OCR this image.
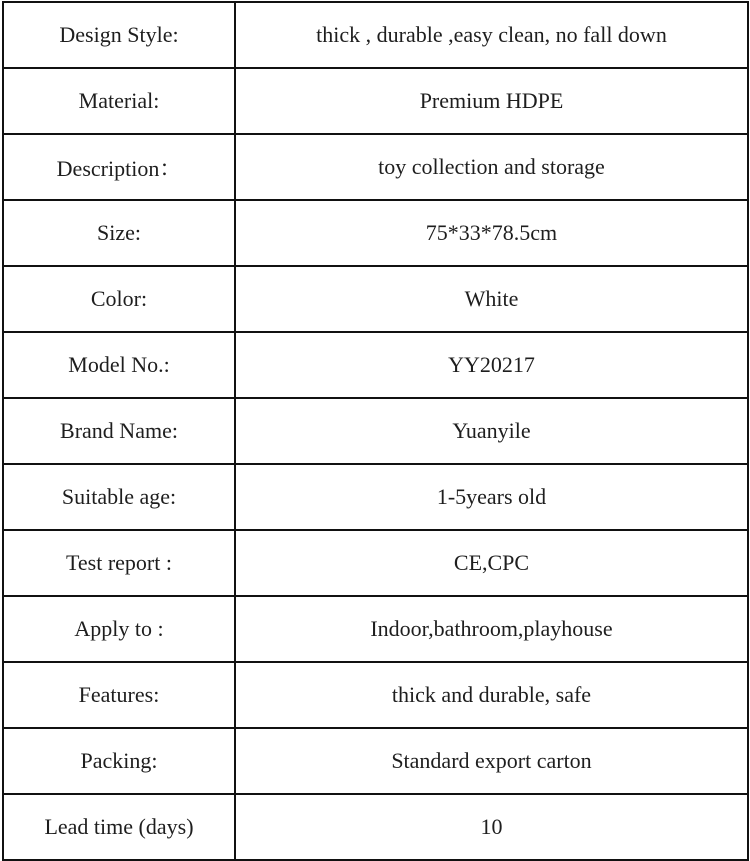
Design Style:	thick , durable ,easy clean, no fall down
Material:	Premium HDPE
Description：	toy collection and storage
Size:	75*33*78.5cm
Color:	White
Model No.:	YY20217
Brand Name:	Yuanyile
Suitable age:	1-5years old
Test report :	CE,CPC
Apply to :	Indoor,bathroom,playhouse
Features:	thick and durable, safe
Packing:	Standard export carton
Lead time (days)	10
